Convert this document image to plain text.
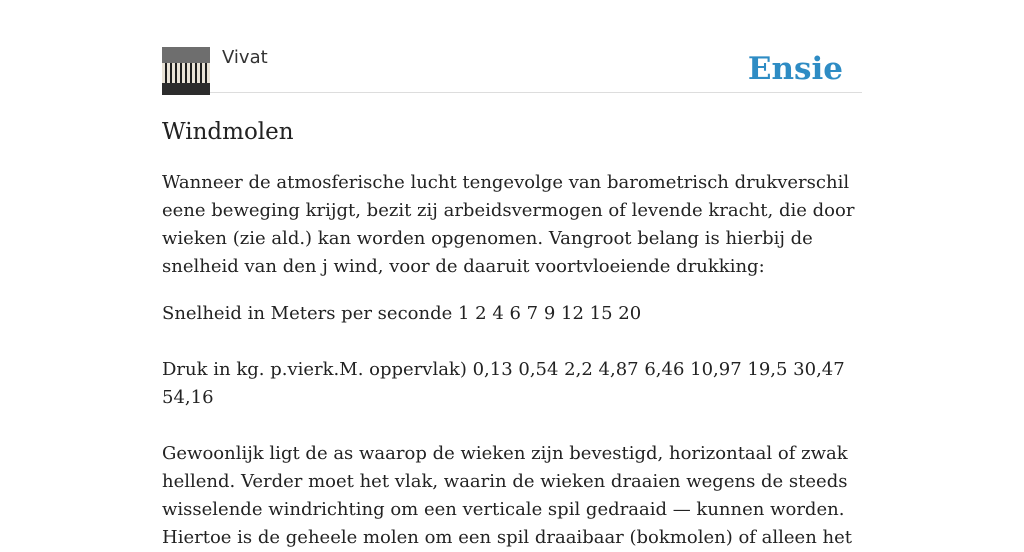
Vivat	Ensie
Windmolen

Wanneer de atmosferische lucht tengevolge van barometrisch drukverschil eene beweging krijgt, bezit zij arbeidsvermogen of levende kracht, die door wieken (zie ald.) kan worden opgenomen. Vangroot belang is hierbij de snelheid van den j wind, voor de daaruit voortvloeiende drukking:

Snelheid in Meters per seconde 1 2 4 6 7 9 12 15 20

Druk in kg. p.vierk.M. oppervlak) 0,13 0,54 2,2 4,87 6,46 10,97 19,5 30,47 54,16

Gewoonlijk ligt de as waarop de wieken zijn bevestigd, horizontaal of zwak hellend. Verder moet het vlak, waarin de wieken draaien wegens de steeds wisselende windrichting om een verticale spil gedraaid — kunnen worden. Hiertoe is de geheele molen om een spil draaibaar (bokmolen) of alleen het
